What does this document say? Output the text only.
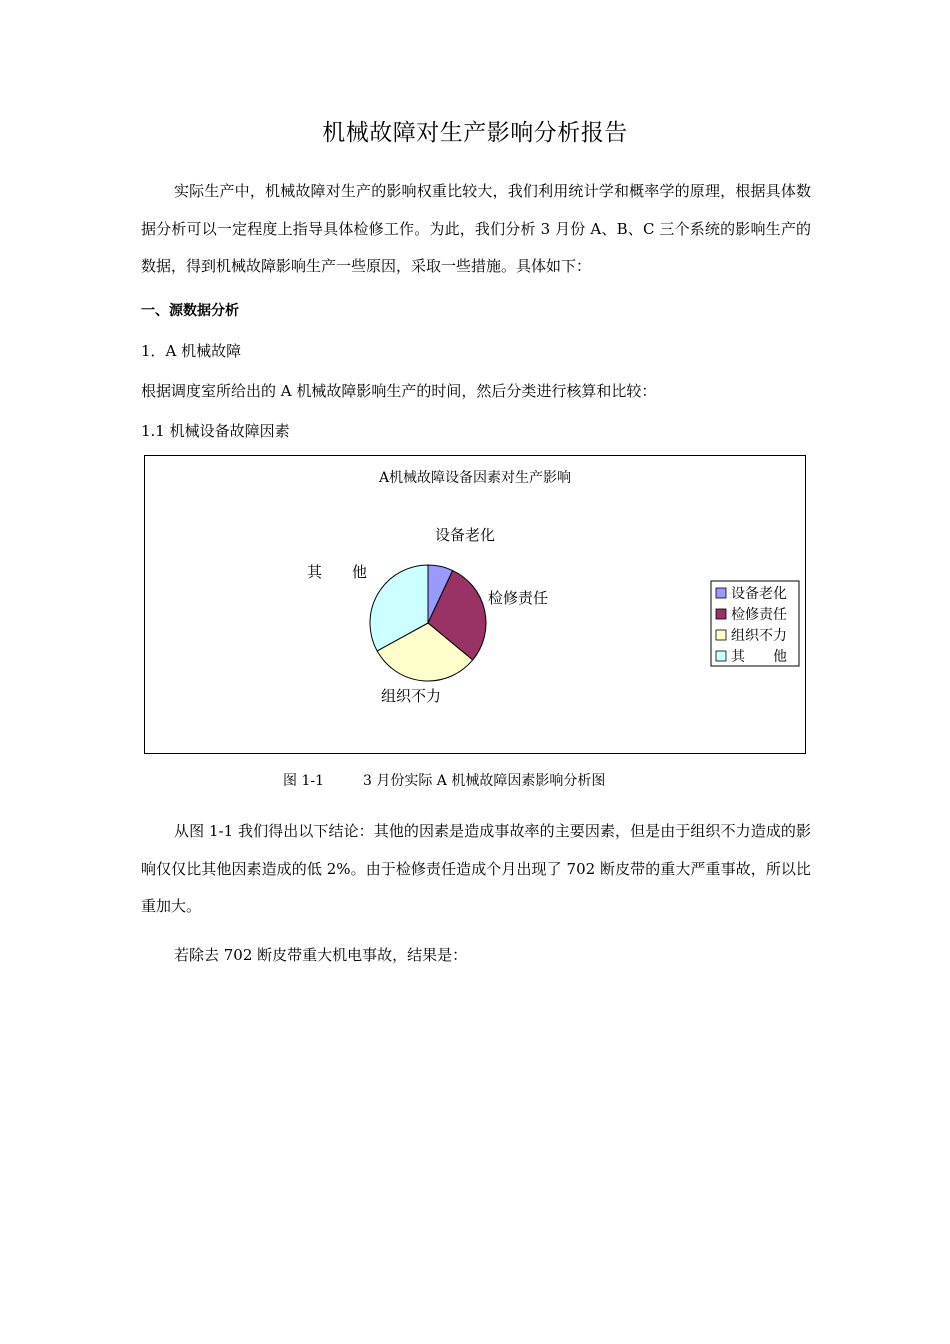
机械故障对生产影响分析报告

实际生产中，机械故障对生产的影响权重比较大，我们利用统计学和概率学的原理，根据具体数据分析可以一定程度上指导具体检修工作。为此，我们分析 3 月份 A、B、C 三个系统的影响生产的数据，得到机械故障影响生产一些原因，采取一些措施。具体如下：

一、源数据分析
1．A 机械故障
根据调度室所给出的 A 机械故障影响生产的时间，然后分类进行核算和比较：
1.1 机械设备故障因素
A机械故障设备因素对生产影响
设备老化
检修责任
组织不力
其　　他
设备老化
检修责任
组织不力
其　　他
图 1-1	3 月份实际 A 机械故障因素影响分析图

从图 1-1 我们得出以下结论：其他的因素是造成事故率的主要因素，但是由于组织不力造成的影响仅仅比其他因素造成的低 2%。由于检修责任造成个月出现了 702 断皮带的重大严重事故，所以比重加大。

若除去 702 断皮带重大机电事故，结果是：
